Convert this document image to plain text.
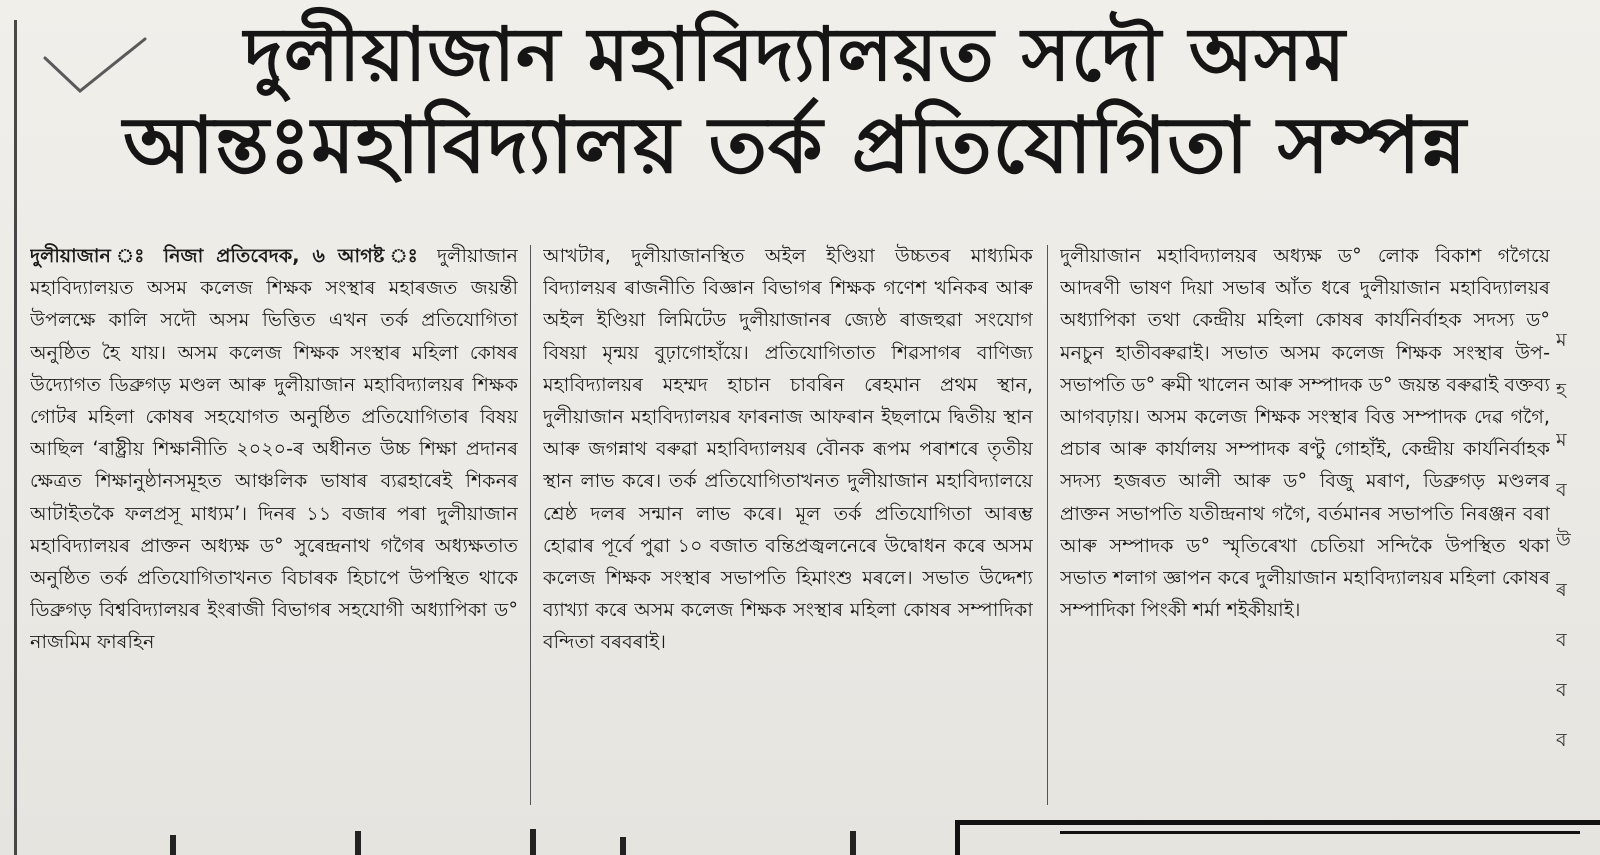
দুলীয়াজান মহাবিদ্যালয়ত সদৌ অসম
আন্তঃমহাবিদ্যালয় তৰ্ক প্ৰতিযোগিতা সম্পন্ন
দুলীয়াজান ঃ নিজা প্ৰতিবেদক, ৬ আগষ্ট ঃ দুলীয়াজান মহাবিদ্যালয়ত অসম কলেজ শিক্ষক সংস্থাৰ মহাৰজত জয়ন্তী উপলক্ষে কালি সদৌ অসম ভিত্তিত এখন তৰ্ক প্ৰতিযোগিতা অনুষ্ঠিত হৈ যায়। অসম কলেজ শিক্ষক সংস্থাৰ মহিলা কোষৰ উদ্যোগত ডিব্ৰুগড় মণ্ডল আৰু দুলীয়াজান মহাবিদ্যালয়ৰ শিক্ষক গোটৰ মহিলা কোষৰ সহযোগত অনুষ্ঠিত প্ৰতিযোগিতাৰ বিষয় আছিল ‘ৰাষ্ট্ৰীয় শিক্ষানীতি ২০২০-ৰ অধীনত উচ্চ শিক্ষা প্ৰদানৰ ক্ষেত্ৰত শিক্ষানুষ্ঠানসমূহত আঞ্চলিক ভাষাৰ ব্যৱহাৰেই শিকনৰ আটাইতকৈ ফলপ্ৰসূ মাধ্যম’। দিনৰ ১১ বজাৰ পৰা দুলীয়াজান মহাবিদ্যালয়ৰ প্ৰাক্তন অধ্যক্ষ ড° সুৰেন্দ্ৰনাথ গগৈৰ অধ্যক্ষতাত অনুষ্ঠিত তৰ্ক প্ৰতিযোগিতাখনত বিচাৰক হিচাপে উপস্থিত থাকে ডিব্ৰুগড় বিশ্ববিদ্যালয়ৰ ইংৰাজী বিভাগৰ সহযোগী অধ্যাপিকা ড° নাজমিম ফাৰহিন
আখটাৰ, দুলীয়াজানস্থিত অইল ইণ্ডিয়া উচ্চতৰ মাধ্যমিক বিদ্যালয়ৰ ৰাজনীতি বিজ্ঞান বিভাগৰ শিক্ষক গণেশ খনিকৰ আৰু অইল ইণ্ডিয়া লিমিটেড দুলীয়াজানৰ জ্যেষ্ঠ ৰাজহুৱা সংযোগ বিষয়া মৃন্ময় বুঢ়াগোহাঁয়ে। প্ৰতিযোগিতাত শিৱসাগৰ বাণিজ্য মহাবিদ্যালয়ৰ মহম্মদ হাচান চাবৰিন ৰেহমান প্ৰথম স্থান, দুলীয়াজান মহাবিদ্যালয়ৰ ফাৰনাজ আফৰান ইছলামে দ্বিতীয় স্থান আৰু জগন্নাথ বৰুৱা মহাবিদ্যালয়ৰ বৌনক ৰূপম পৰাশৰে তৃতীয় স্থান লাভ কৰে। তৰ্ক প্ৰতিযোগিতাখনত দুলীয়াজান মহাবিদ্যালয়ে শ্ৰেষ্ঠ দলৰ সন্মান লাভ কৰে। মূল তৰ্ক প্ৰতিযোগিতা আৰম্ভ হোৱাৰ পূৰ্বে পুৱা ১০ বজাত বন্তিপ্ৰজ্বলনেৰে উদ্বোধন কৰে অসম কলেজ শিক্ষক সংস্থাৰ সভাপতি হিমাংশু মৰলে। সভাত উদ্দেশ্য ব্যাখ্যা কৰে অসম কলেজ শিক্ষক সংস্থাৰ মহিলা কোষৰ সম্পাদিকা বন্দিতা বৰবৰাই।
দুলীয়াজান মহাবিদ্যালয়ৰ অধ্যক্ষ ড° লোক বিকাশ গগৈয়ে আদৰণী ভাষণ দিয়া সভাৰ আঁত ধৰে দুলীয়াজান মহাবিদ্যালয়ৰ অধ্যাপিকা তথা কেন্দ্ৰীয় মহিলা কোষৰ কাৰ্যনিৰ্বাহক সদস্য ড° মনচুন হাতীবৰুৱাই। সভাত অসম কলেজ শিক্ষক সংস্থাৰ উপ-সভাপতি ড° ৰুমী খালেন আৰু সম্পাদক ড° জয়ন্ত বৰুৱাই বক্তব্য আগবঢ়ায়। অসম কলেজ শিক্ষক সংস্থাৰ বিত্ত সম্পাদক দেৱ গগৈ, প্ৰচাৰ আৰু কাৰ্যালয় সম্পাদক ৰণ্টু গোহাঁই, কেন্দ্ৰীয় কাৰ্যনিৰ্বাহক সদস্য হজৰত আলী আৰু ড° বিজু মৰাণ, ডিব্ৰুগড় মণ্ডলৰ প্ৰাক্তন সভাপতি যতীন্দ্ৰনাথ গগৈ, বৰ্তমানৰ সভাপতি নিৰঞ্জন বৰা আৰু সম্পাদক ড° স্মৃতিৰেখা চেতিয়া সন্দিকৈ উপস্থিত থকা সভাত শলাগ জ্ঞাপন কৰে দুলীয়াজান মহাবিদ্যালয়ৰ মহিলা কোষৰ সম্পাদিকা পিংকী শৰ্মা শইকীয়াই।
ম
হ
ম
ব
উ
ৰ
ব
ব
ব
